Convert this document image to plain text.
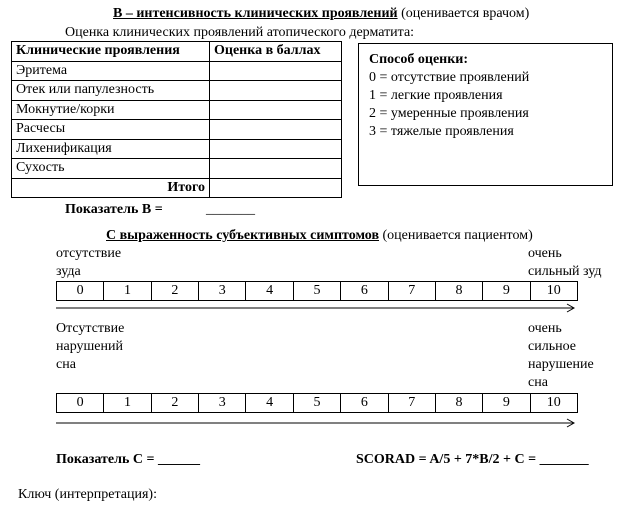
В – интенсивность клинических проявлений (оценивается врачом)
Оценка клинических проявлений атопического дерматита:
Клинические проявления	Оценка в баллах
Эритема	
Отек или папулезность	
Мокнутие/корки	
Расчесы	
Лихенификация	
Сухость	
Итого	
Способ оценки:
0 = отсутствие проявлений
1 = легкие проявления
2 = умеренные проявления
3 = тяжелые проявления
Показатель В =	_______
С выраженность субъективных симптомов (оценивается пациентом)
отсутствие
зуда
очень
сильный зуд
0	1	2	3	4	5	6	7	8	9	10
Отсутствие
нарушений
сна
очень
сильное
нарушение
сна
0	1	2	3	4	5	6	7	8	9	10
Показатель С = ______	SCORAD = A/5 + 7*B/2 + C = _______
Ключ (интерпретация):
